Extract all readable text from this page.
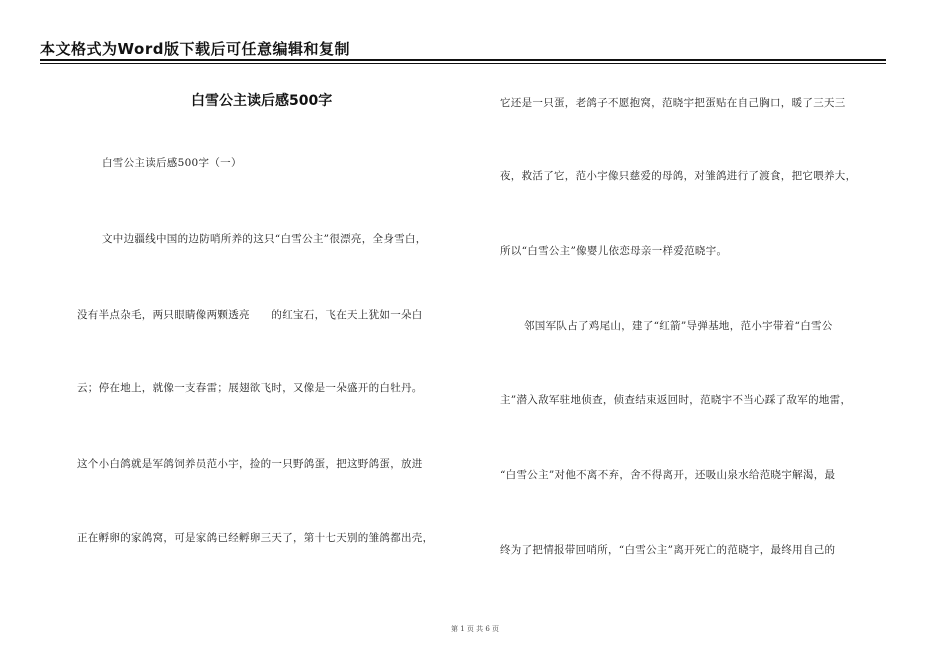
本文格式为Word版下载后可任意编辑和复制
白雪公主读后感500字
白雪公主读后感500字（一）
文中边疆线中国的边防哨所养的这只“白雪公主”很漂亮，全身雪白，
没有半点杂毛，两只眼睛像两颗透亮　　的红宝石，飞在天上犹如一朵白
云；停在地上，就像一支春雷；展翅欲飞时，又像是一朵盛开的白牡丹。
这个小白鸽就是军鸽饲养员范小宇，捡的一只野鸽蛋，把这野鸽蛋，放进
正在孵卵的家鸽窝，可是家鸽已经孵卵三天了，第十七天别的雏鸽都出壳，
它还是一只蛋，老鸽子不愿抱窝，范晓宇把蛋贴在自己胸口，暖了三天三
夜，救活了它，范小宇像只慈爱的母鸽，对雏鸽进行了渡食，把它喂养大，
所以“白雪公主”像婴儿依恋母亲一样爱范晓宇。
邻国军队占了鸡尾山，建了“红箭”导弹基地，范小宇带着“白雪公
主”潜入敌军驻地侦查，侦查结束返回时，范晓宇不当心踩了敌军的地雷，
“白雪公主”对他不离不弃，舍不得离开，还吸山泉水给范晓宇解渴，最
终为了把情报带回哨所，“白雪公主”离开死亡的范晓宇，最终用自己的
第 1 页 共 6 页
